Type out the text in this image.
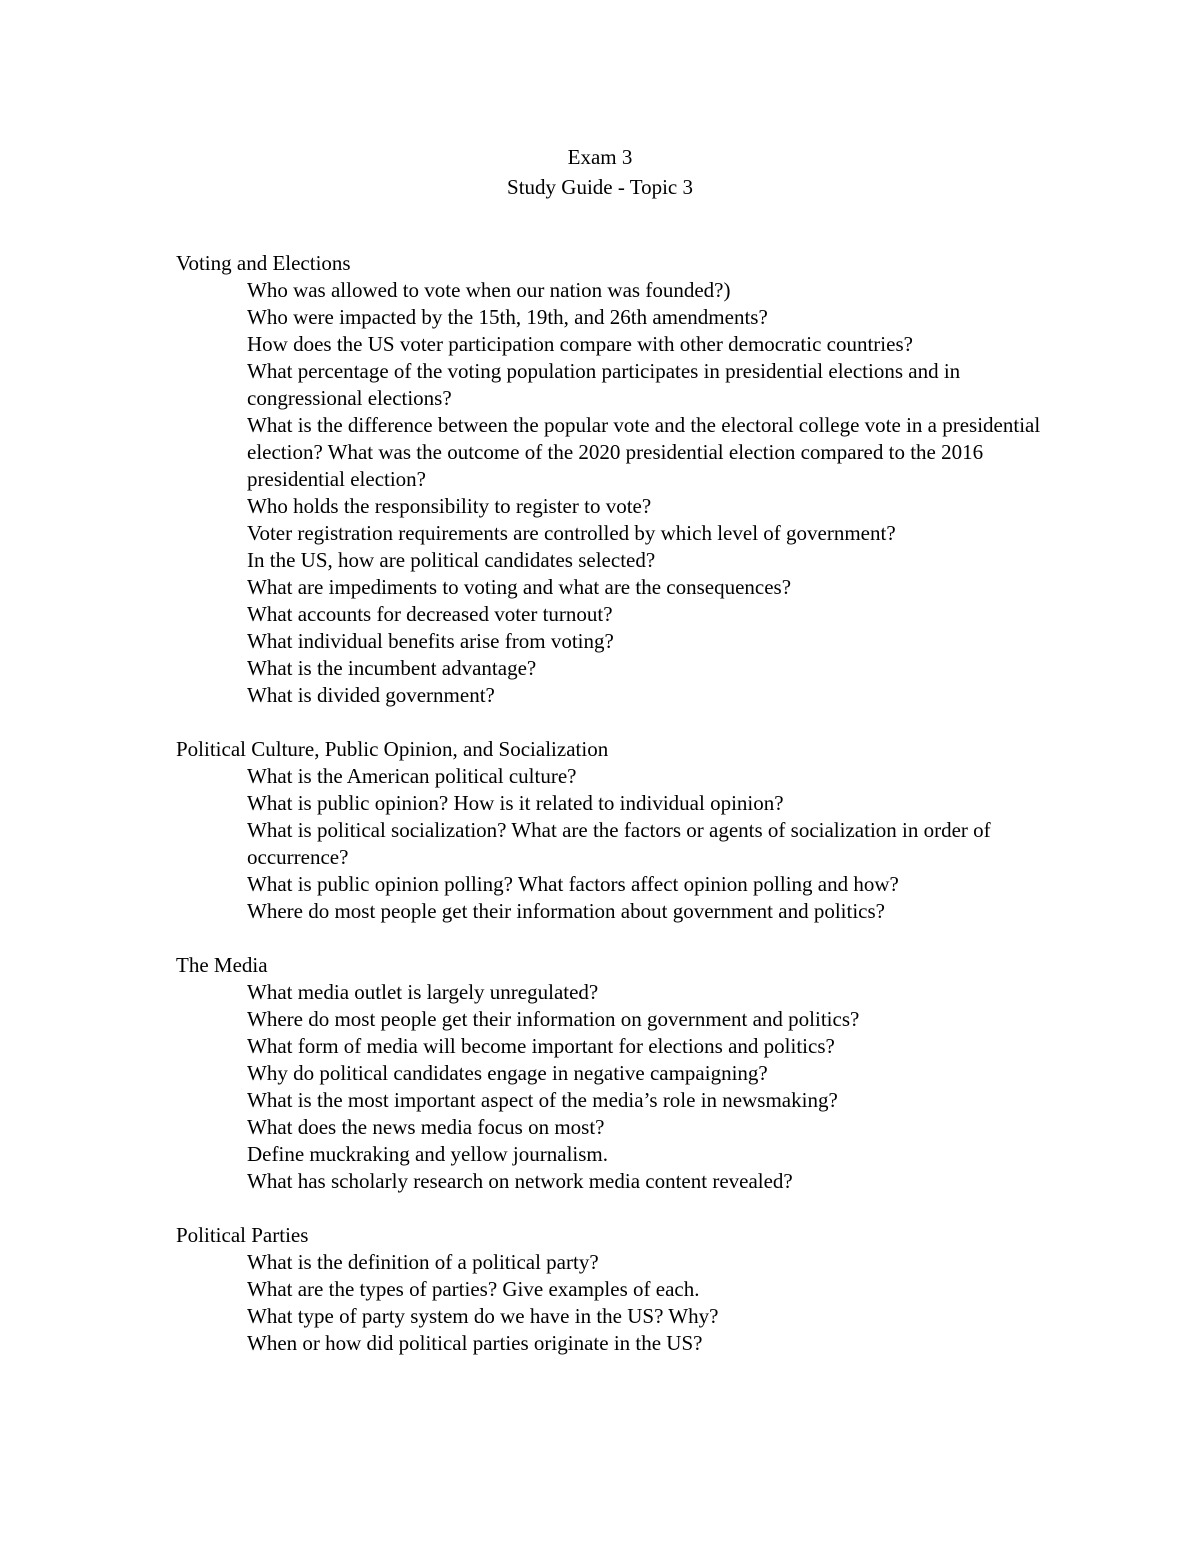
Exam 3
Study Guide - Topic 3
Voting and Elections
Who was allowed to vote when our nation was founded?)
Who were impacted by the 15th, 19th, and 26th amendments?
How does the US voter participation compare with other democratic countries?
What percentage of the voting population participates in presidential elections and in congressional elections?
What is the difference between the popular vote and the electoral college vote in a presidential election? What was the outcome of the 2020 presidential election compared to the 2016 presidential election?
Who holds the responsibility to register to vote?
Voter registration requirements are controlled by which level of government?
In the US, how are political candidates selected?
What are impediments to voting and what are the consequences?
What accounts for decreased voter turnout?
What individual benefits arise from voting?
What is the incumbent advantage?
What is divided government?
Political Culture, Public Opinion, and Socialization
What is the American political culture?
What is public opinion? How is it related to individual opinion?
What is political socialization? What are the factors or agents of socialization in order of occurrence?
What is public opinion polling? What factors affect opinion polling and how?
Where do most people get their information about government and politics?
The Media
What media outlet is largely unregulated?
Where do most people get their information on government and politics?
What form of media will become important for elections and politics?
Why do political candidates engage in negative campaigning?
What is the most important aspect of the media’s role in newsmaking?
What does the news media focus on most?
Define muckraking and yellow journalism.
What has scholarly research on network media content revealed?
Political Parties
What is the definition of a political party?
What are the types of parties? Give examples of each.
What type of party system do we have in the US? Why?
When or how did political parties originate in the US?
